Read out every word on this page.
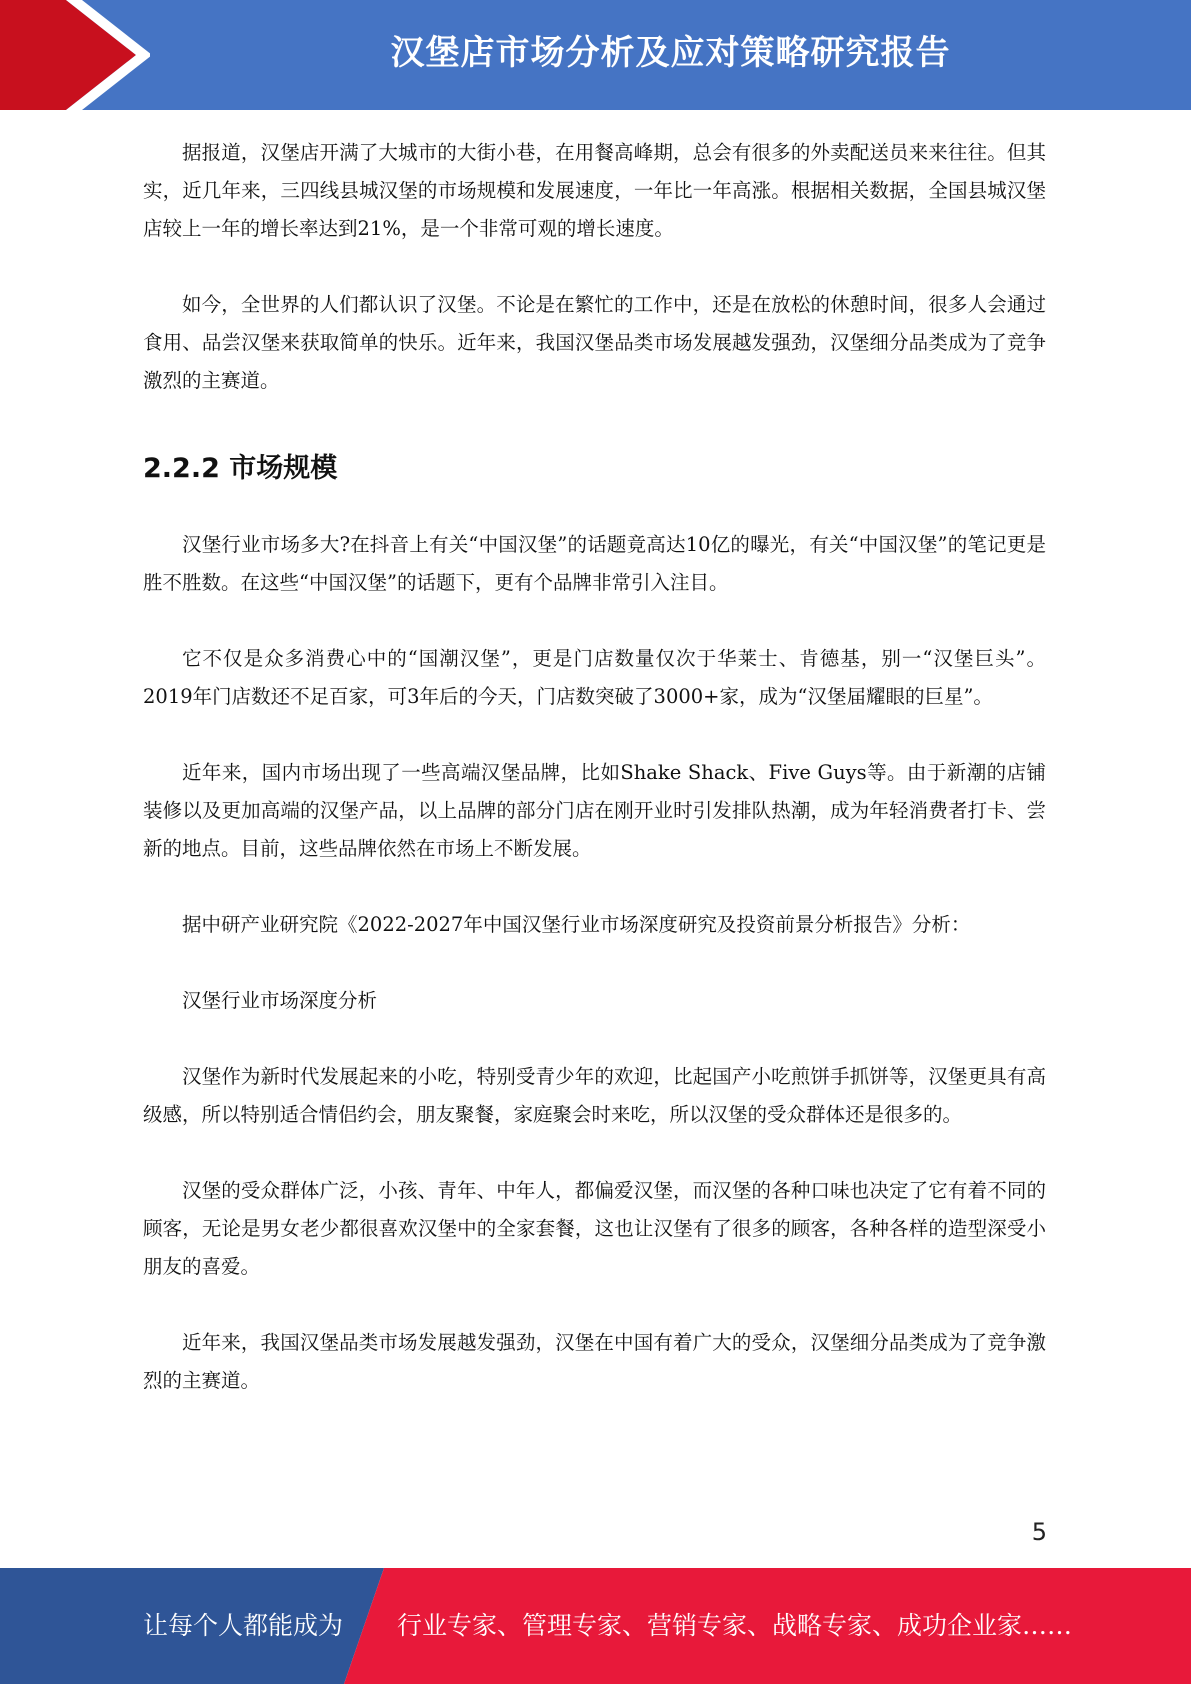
汉堡店市场分析及应对策略研究报告

据报道，汉堡店开满了大城市的大街小巷，在用餐高峰期，总会有很多的外卖配送员来来往往。但其实，近几年来，三四线县城汉堡的市场规模和发展速度，一年比一年高涨。根据相关数据，全国县城汉堡店较上一年的增长率达到21%，是一个非常可观的增长速度。

如今，全世界的人们都认识了汉堡。不论是在繁忙的工作中，还是在放松的休憩时间，很多人会通过食用、品尝汉堡来获取简单的快乐。近年来，我国汉堡品类市场发展越发强劲，汉堡细分品类成为了竞争激烈的主赛道。

2.2.2 市场规模

汉堡行业市场多大?在抖音上有关“中国汉堡”的话题竟高达10亿的曝光，有关“中国汉堡”的笔记更是胜不胜数。在这些“中国汉堡”的话题下，更有个品牌非常引入注目。

它不仅是众多消费心中的“国潮汉堡”，更是门店数量仅次于华莱士、肯德基，别一“汉堡巨头”。2019年门店数还不足百家，可3年后的今天，门店数突破了3000+家，成为“汉堡届耀眼的巨星”。

近年来，国内市场出现了一些高端汉堡品牌，比如Shake Shack、Five Guys等。由于新潮的店铺装修以及更加高端的汉堡产品，以上品牌的部分门店在刚开业时引发排队热潮，成为年轻消费者打卡、尝新的地点。目前，这些品牌依然在市场上不断发展。

据中研产业研究院《2022-2027年中国汉堡行业市场深度研究及投资前景分析报告》分析：

汉堡行业市场深度分析

汉堡作为新时代发展起来的小吃，特别受青少年的欢迎，比起国产小吃煎饼手抓饼等，汉堡更具有高级感，所以特别适合情侣约会，朋友聚餐，家庭聚会时来吃，所以汉堡的受众群体还是很多的。

汉堡的受众群体广泛，小孩、青年、中年人，都偏爱汉堡，而汉堡的各种口味也决定了它有着不同的顾客，无论是男女老少都很喜欢汉堡中的全家套餐，这也让汉堡有了很多的顾客，各种各样的造型深受小朋友的喜爱。

近年来，我国汉堡品类市场发展越发强劲，汉堡在中国有着广大的受众，汉堡细分品类成为了竞争激烈的主赛道。

5
让每个人都能成为 行业专家、管理专家、营销专家、战略专家、成功企业家……
